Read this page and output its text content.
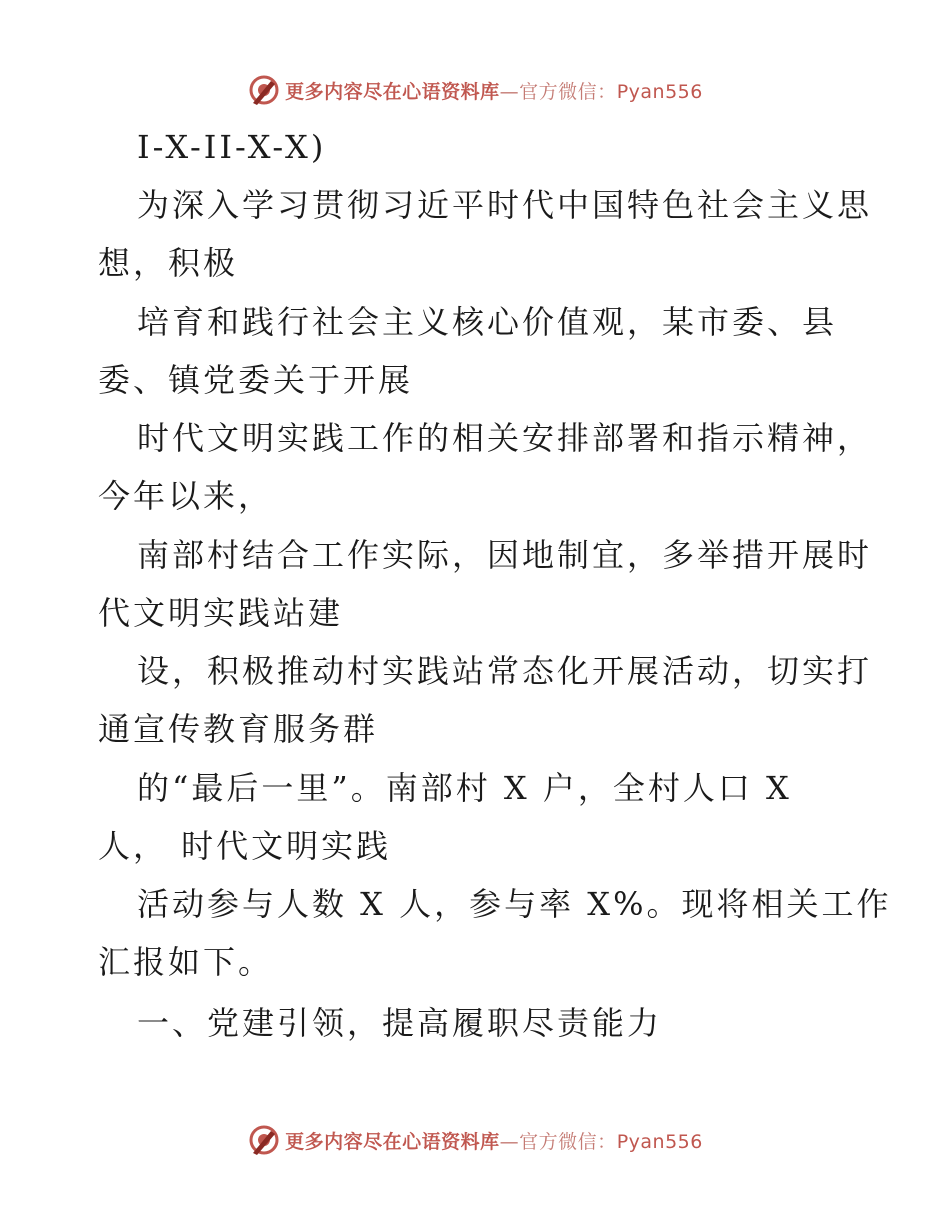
更多内容尽在心语资料库—官方微信：Pyan556
I-X-II-X-X)
为深入学习贯彻习近平时代中国特色社会主义思
想，积极
培育和践行社会主义核心价值观，某市委、县
委、镇党委关于开展
时代文明实践工作的相关安排部署和指示精神，
今年以来，
南部村结合工作实际，因地制宜，多举措开展时
代文明实践站建
设，积极推动村实践站常态化开展活动，切实打
通宣传教育服务群
的“最后一里”。南部村 X 户，全村人口 X
人， 时代文明实践
活动参与人数 X 人，参与率 X%。现将相关工作
汇报如下。
一、党建引领，提高履职尽责能力
更多内容尽在心语资料库—官方微信：Pyan556
